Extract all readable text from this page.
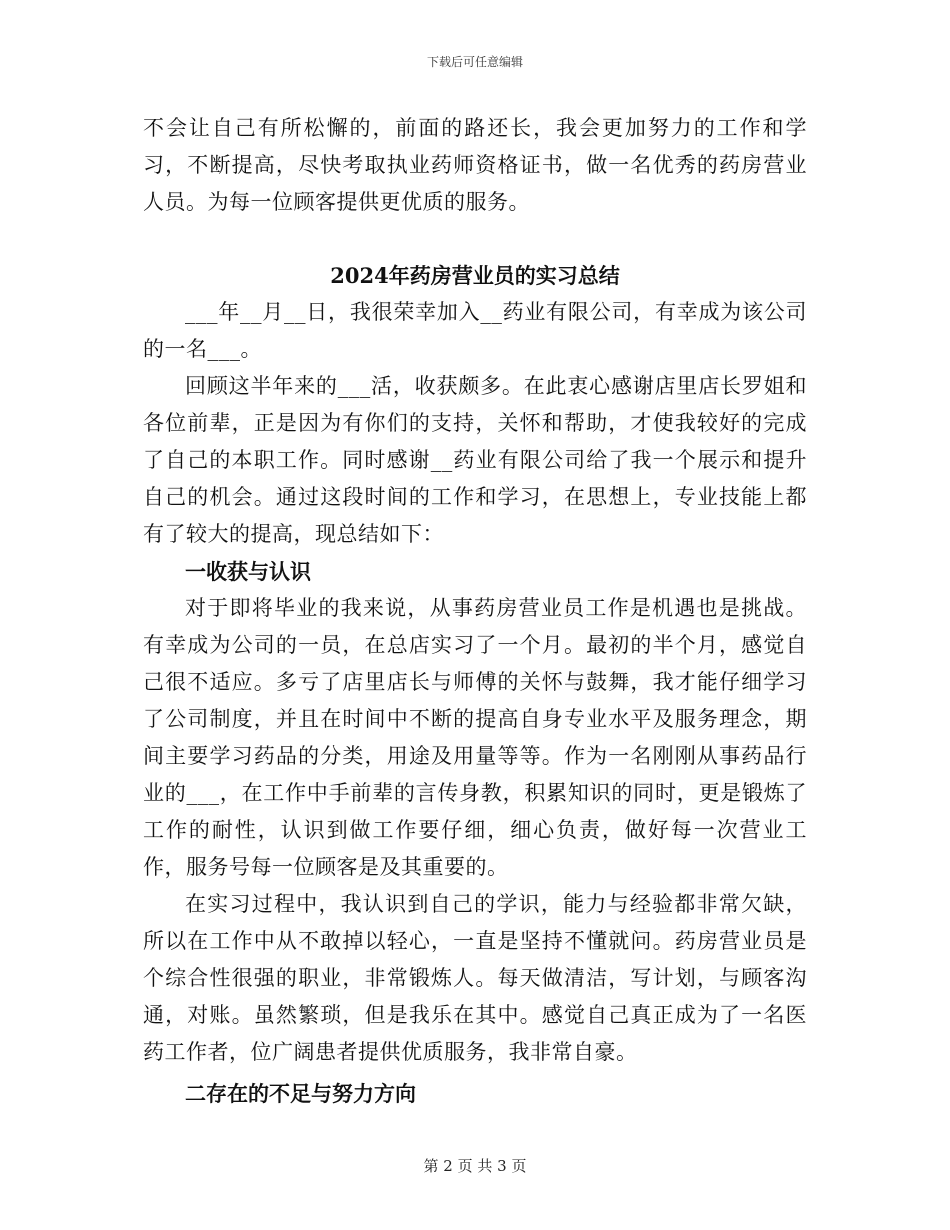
下载后可任意编辑

不会让自己有所松懈的，前面的路还长，我会更加努力的工作和学习，不断提高，尽快考取执业药师资格证书，做一名优秀的药房营业人员。为每一位顾客提供更优质的服务。

2024年药房营业员的实习总结

___年__月__日，我很荣幸加入__药业有限公司，有幸成为该公司的一名___。

回顾这半年来的___活，收获颇多。在此衷心感谢店里店长罗姐和各位前辈，正是因为有你们的支持，关怀和帮助，才使我较好的完成了自己的本职工作。同时感谢__药业有限公司给了我一个展示和提升自己的机会。通过这段时间的工作和学习，在思想上，专业技能上都有了较大的提高，现总结如下：

一收获与认识

对于即将毕业的我来说，从事药房营业员工作是机遇也是挑战。有幸成为公司的一员，在总店实习了一个月。最初的半个月，感觉自己很不适应。多亏了店里店长与师傅的关怀与鼓舞，我才能仔细学习了公司制度，并且在时间中不断的提高自身专业水平及服务理念，期间主要学习药品的分类，用途及用量等等。作为一名刚刚从事药品行业的___，在工作中手前辈的言传身教，积累知识的同时，更是锻炼了工作的耐性，认识到做工作要仔细，细心负责，做好每一次营业工作，服务号每一位顾客是及其重要的。

在实习过程中，我认识到自己的学识，能力与经验都非常欠缺，所以在工作中从不敢掉以轻心，一直是坚持不懂就问。药房营业员是个综合性很强的职业，非常锻炼人。每天做清洁，写计划，与顾客沟通，对账。虽然繁琐，但是我乐在其中。感觉自己真正成为了一名医药工作者，位广阔患者提供优质服务，我非常自豪。

二存在的不足与努力方向
第 2 页 共 3 页
